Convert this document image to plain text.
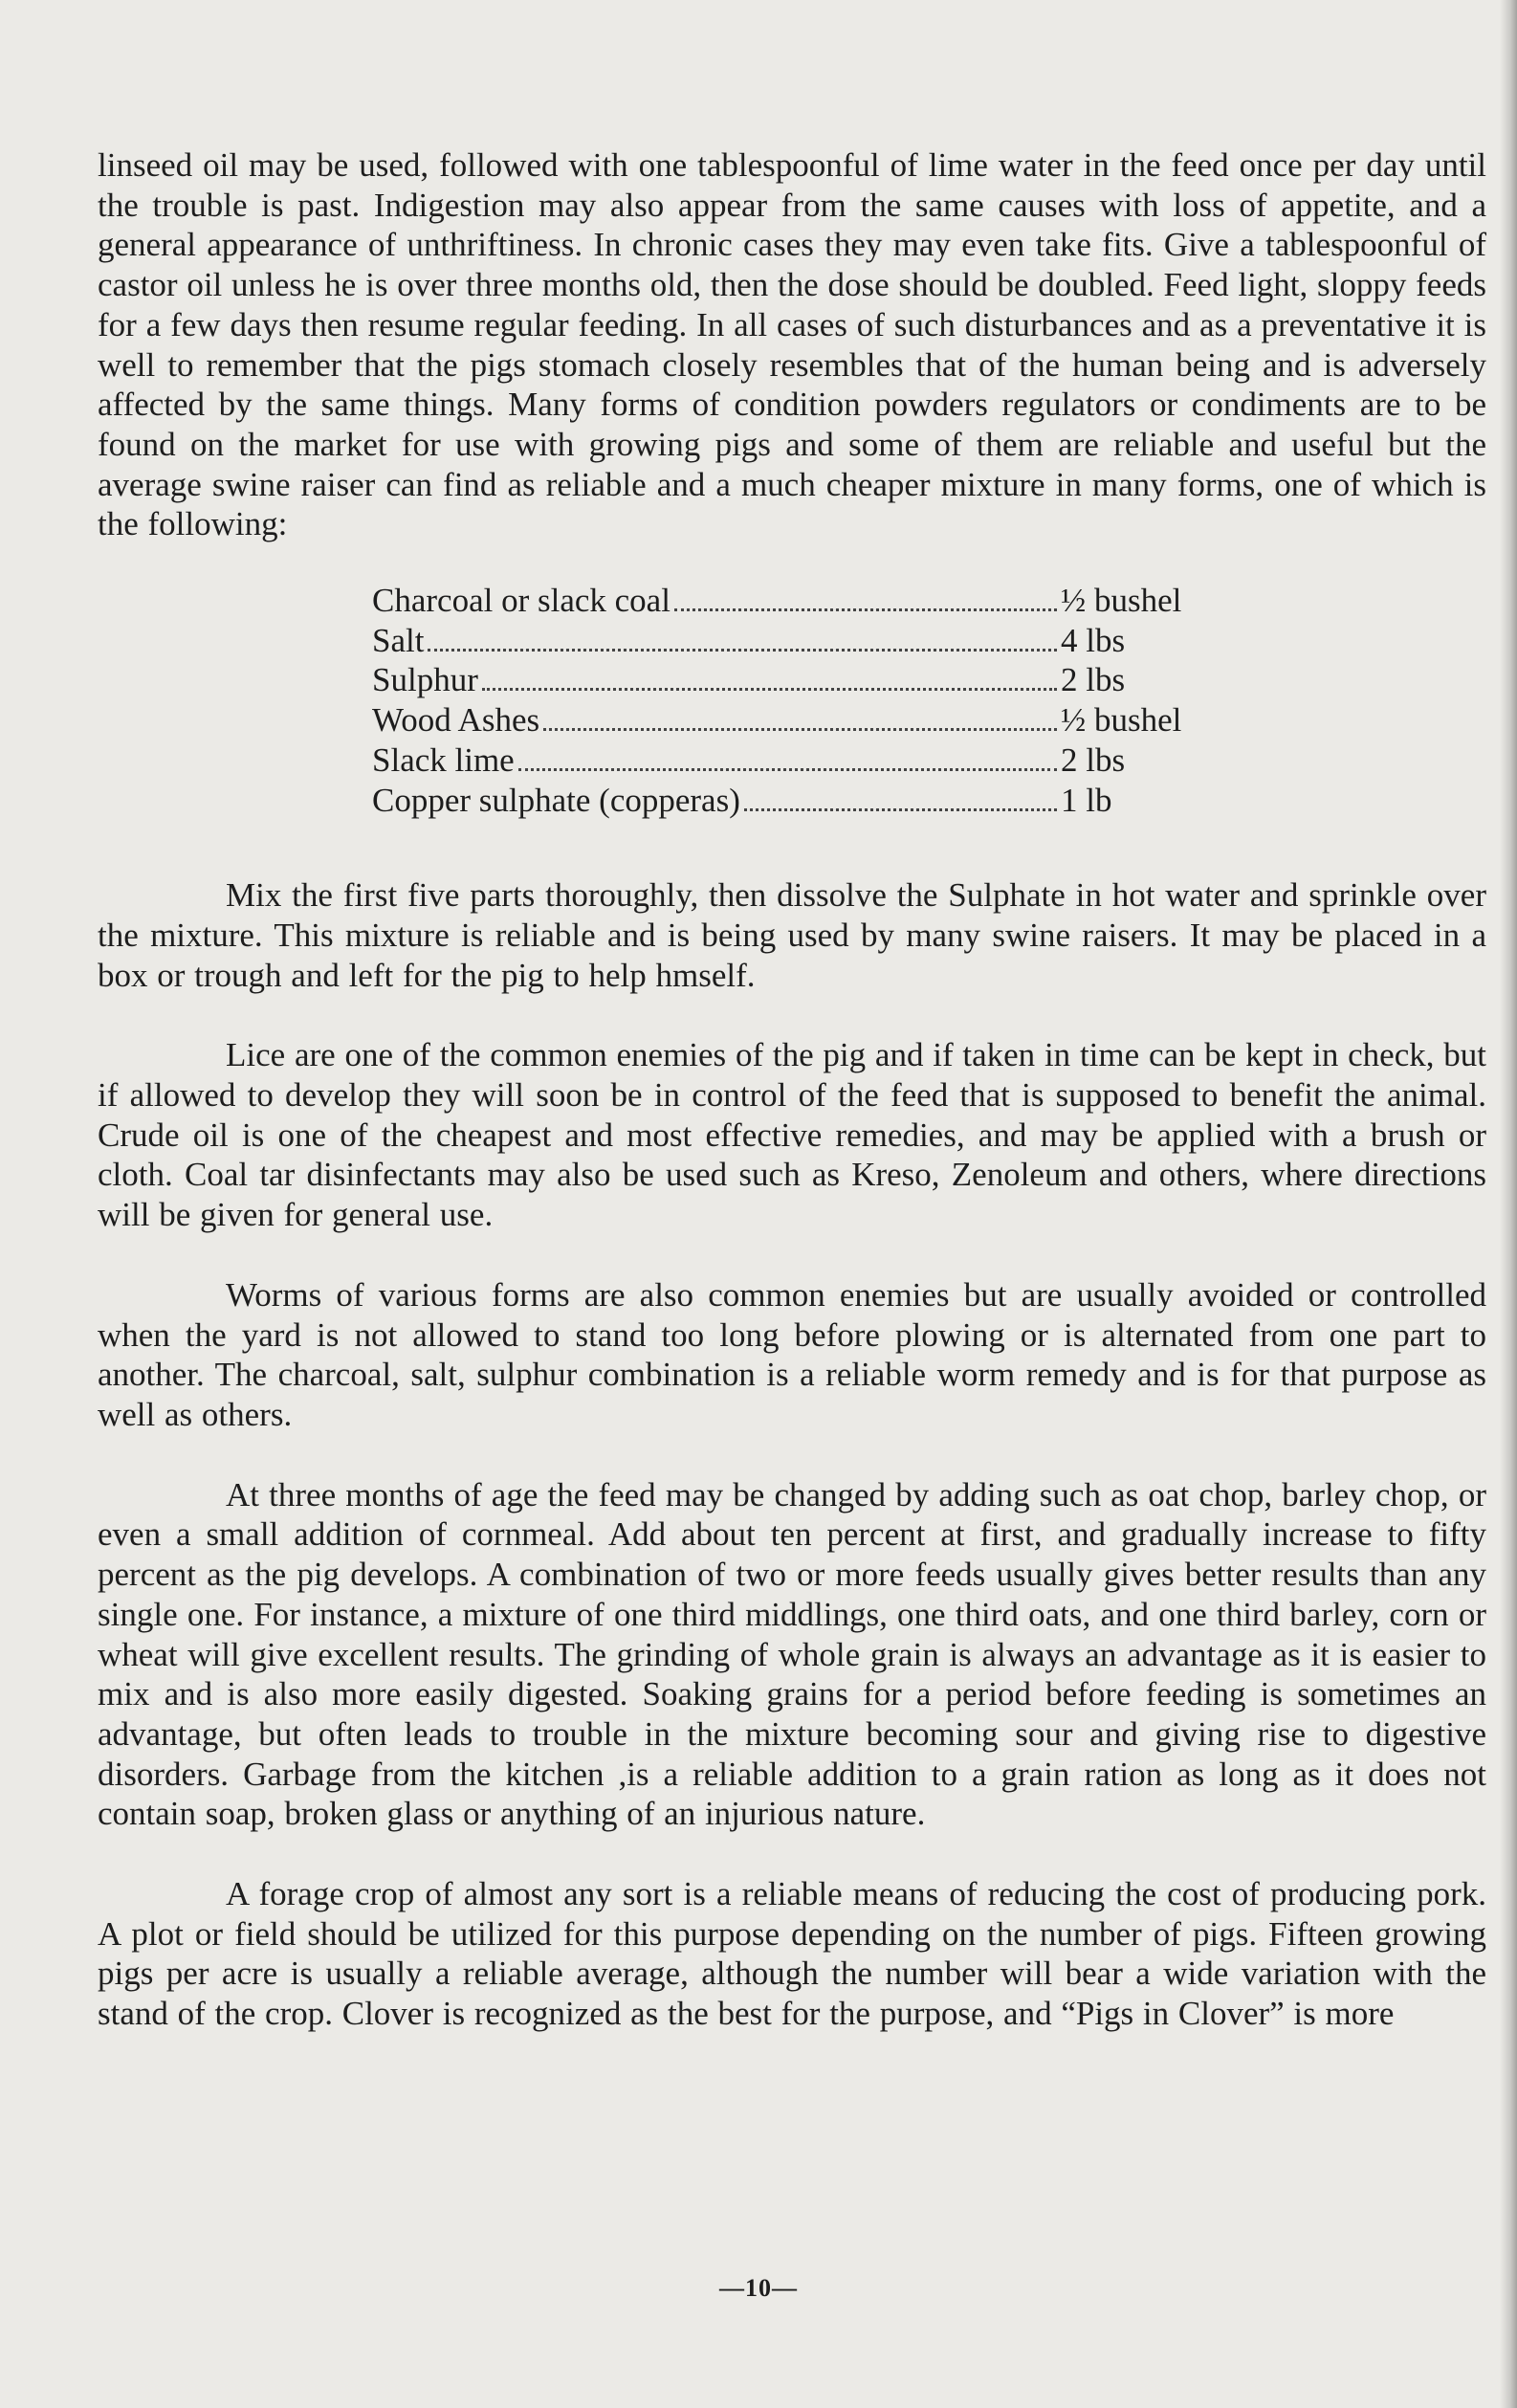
linseed oil may be used, followed with one tablespoonful of lime water in the feed once per day until the trouble is past. Indigestion may also appear from the same causes with loss of appetite, and a general appearance of unthriftiness. In chronic cases they may even take fits. Give a tablespoonful of castor oil unless he is over three months old, then the dose should be doubled. Feed light, sloppy feeds for a few days then resume regular feeding. In all cases of such disturbances and as a preventative it is well to remember that the pigs stomach closely resembles that of the human being and is adversely affected by the same things. Many forms of condition powders regulators or condiments are to be found on the market for use with growing pigs and some of them are reliable and useful but the average swine raiser can find as reliable and a much cheaper mixture in many forms, one of which is the following:

Charcoal or slack coal	½ bushel
Salt	4 lbs
Sulphur	2 lbs
Wood Ashes	½ bushel
Slack lime	2 lbs
Copper sulphate (copperas)	1 lb

Mix the first five parts thoroughly, then dissolve the Sulphate in hot water and sprinkle over the mixture. This mixture is reliable and is being used by many swine raisers. It may be placed in a box or trough and left for the pig to help hmself.

Lice are one of the common enemies of the pig and if taken in time can be kept in check, but if allowed to develop they will soon be in control of the feed that is supposed to benefit the animal. Crude oil is one of the cheapest and most effective remedies, and may be applied with a brush or cloth. Coal tar disinfectants may also be used such as Kreso, Zenoleum and others, where directions will be given for general use.

Worms of various forms are also common enemies but are usually avoided or controlled when the yard is not allowed to stand too long before plowing or is alternated from one part to another. The charcoal, salt, sulphur combination is a reliable worm remedy and is for that purpose as well as others.

At three months of age the feed may be changed by adding such as oat chop, barley chop, or even a small addition of cornmeal. Add about ten percent at first, and gradually increase to fifty percent as the pig develops. A combination of two or more feeds usually gives better results than any single one. For instance, a mixture of one third middlings, one third oats, and one third barley, corn or wheat will give excellent results. The grinding of whole grain is always an advantage as it is easier to mix and is also more easily digested. Soaking grains for a period before feeding is sometimes an advantage, but often leads to trouble in the mixture becoming sour and giving rise to digestive disorders. Garbage from the kitchen ,is a reliable addition to a grain ration as long as it does not contain soap, broken glass or anything of an injurious nature.

A forage crop of almost any sort is a reliable means of reducing the cost of producing pork. A plot or field should be utilized for this purpose depending on the number of pigs. Fifteen growing pigs per acre is usually a reliable average, although the number will bear a wide variation with the stand of the crop. Clover is recognized as the best for the purpose, and “Pigs in Clover” is more

—10—
